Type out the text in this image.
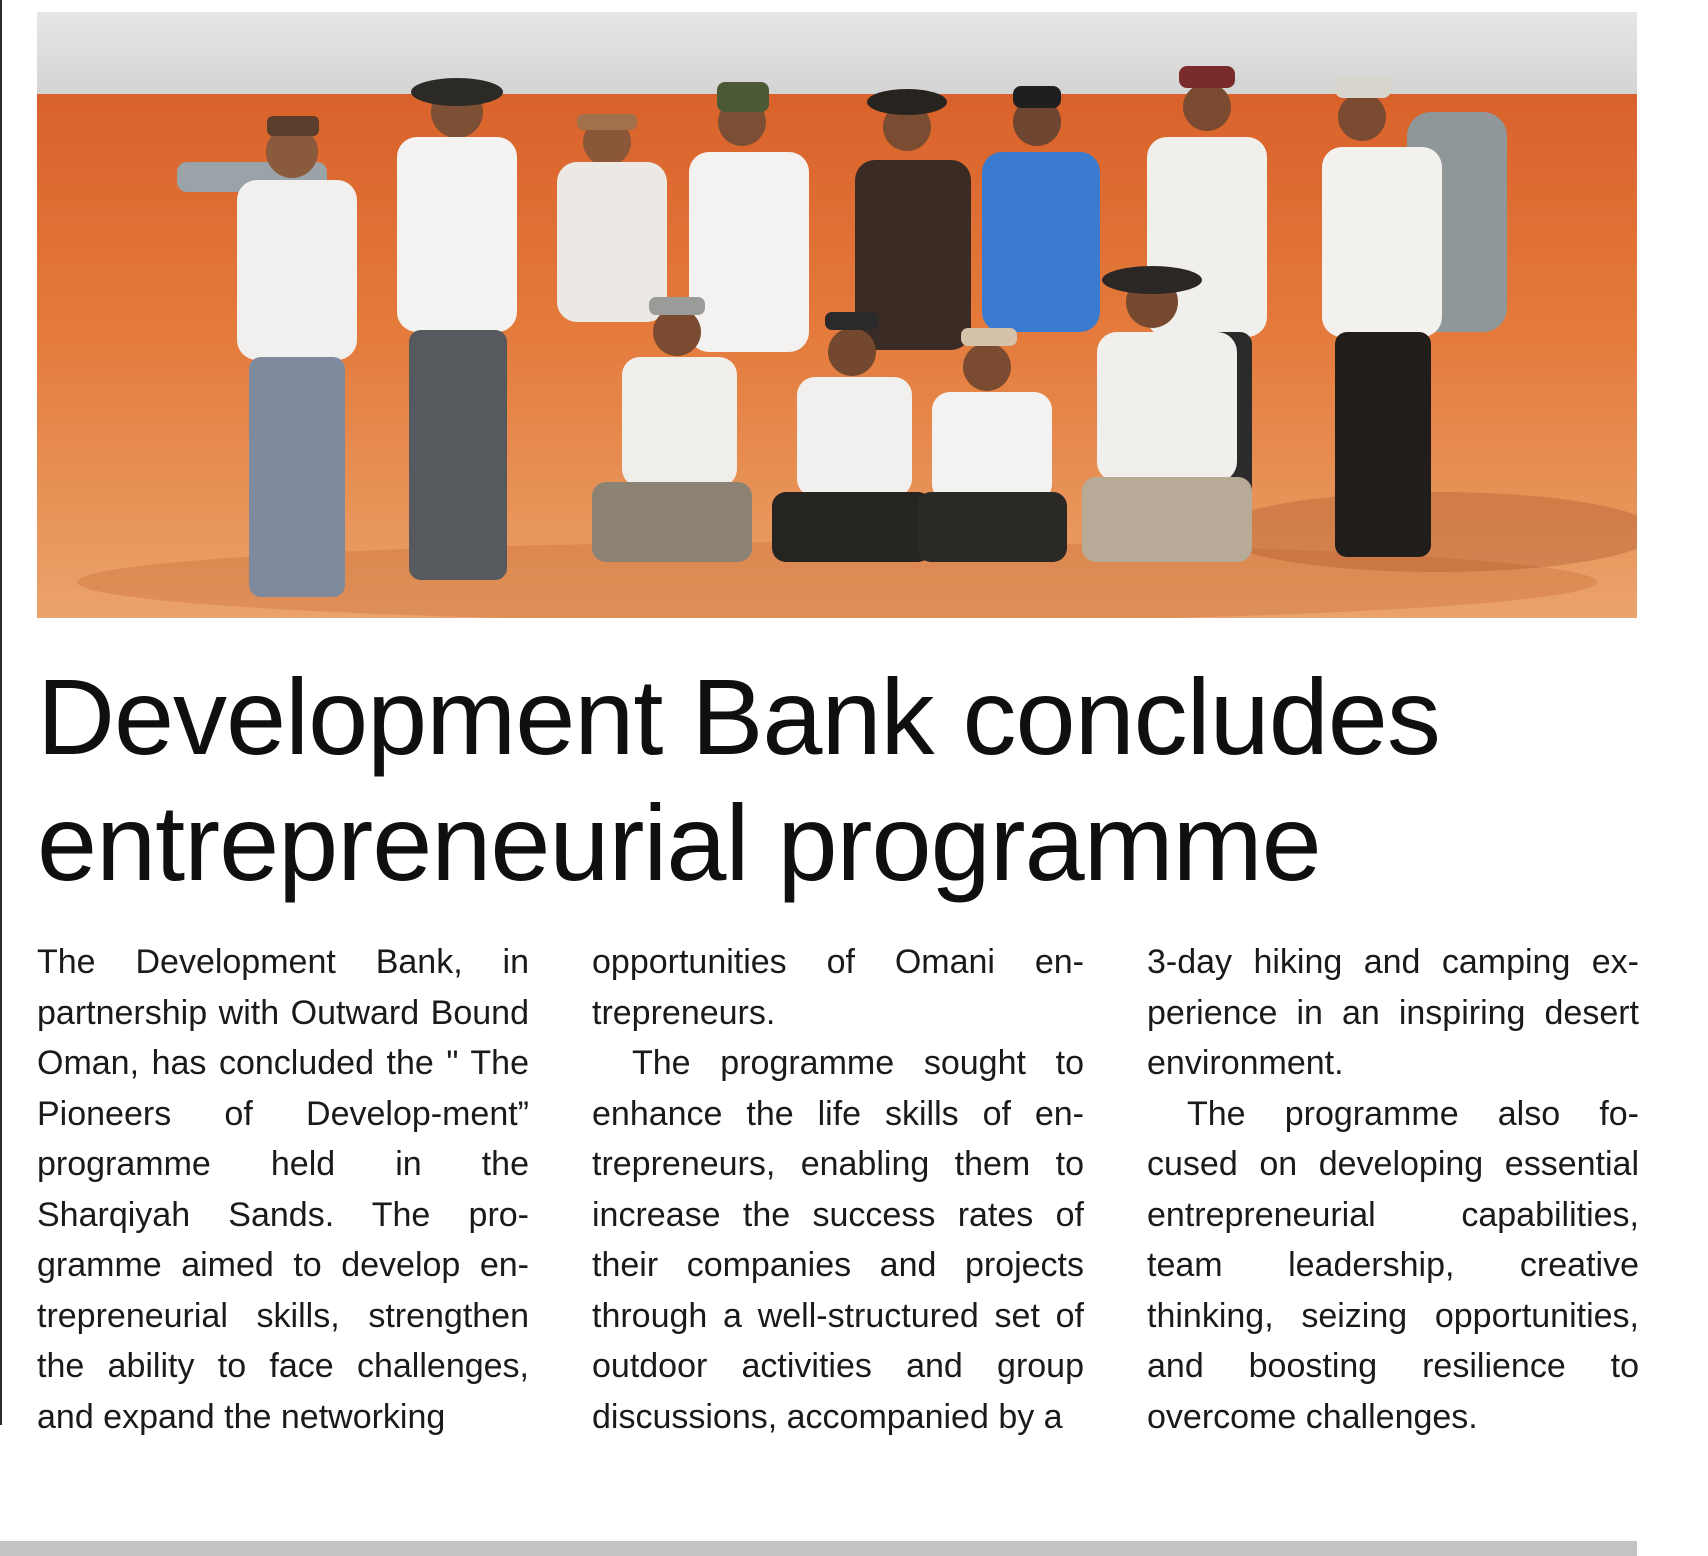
Development Bank concludes
entrepreneurial programme

The Development Bank, in partnership with Outward Bound Oman, has concluded the " The Pioneers of Develop-ment” programme held in the Sharqiyah Sands. The pro-gramme aimed to develop en-trepreneurial skills, strengthen the ability to face challenges, and expand the networking

opportunities of Omani en-trepreneurs.

The programme sought to enhance the life skills of en-trepreneurs, enabling them to increase the success rates of their companies and projects through a well-structured set of outdoor activities and group discussions, accompanied by a

3-day hiking and camping ex-perience in an inspiring desert environment.

The programme also fo-cused on developing essential entrepreneurial capabilities, team leadership, creative thinking, seizing opportunities, and boosting resilience to overcome challenges.
